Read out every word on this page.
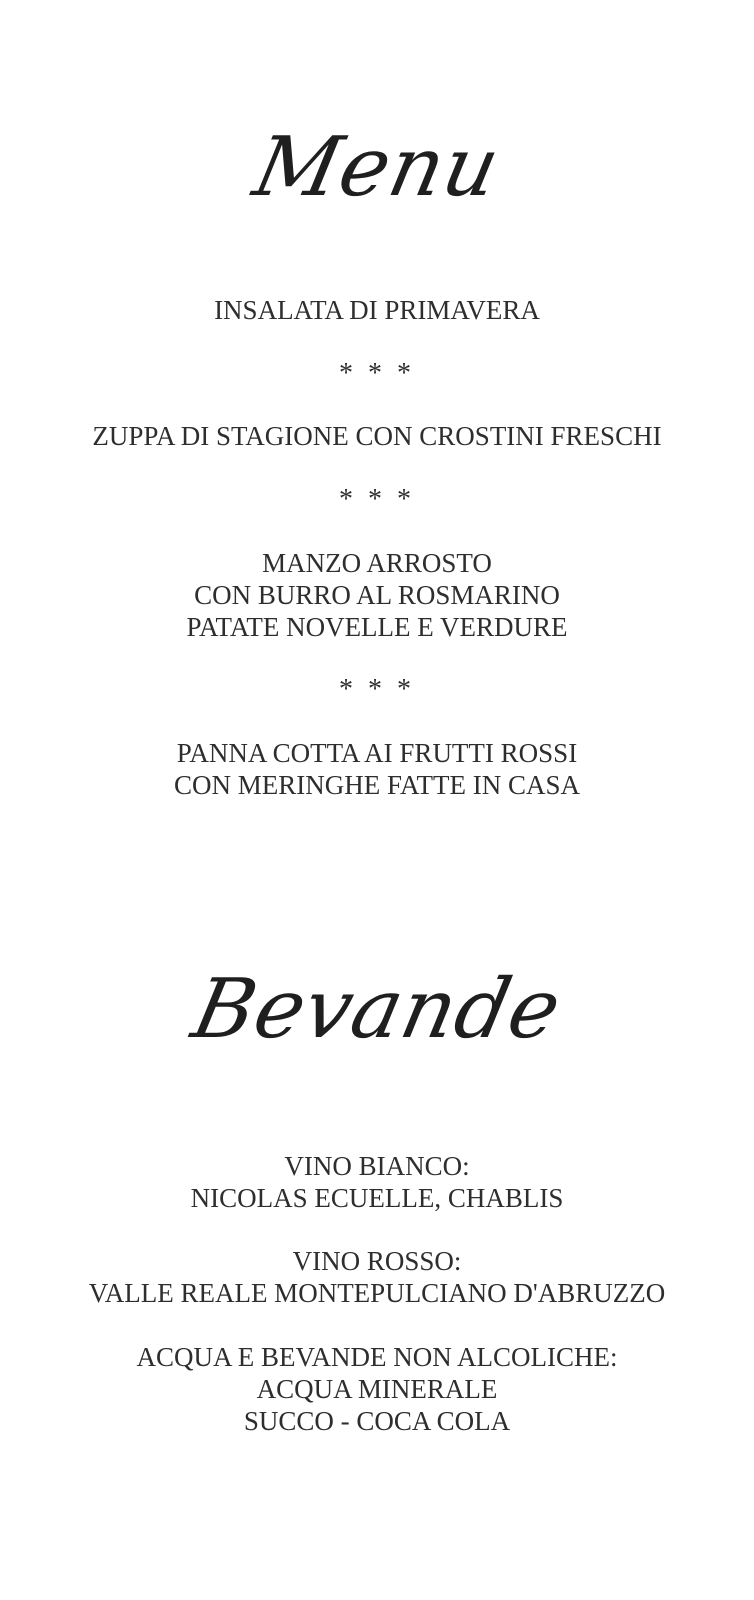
Menu
INSALATA DI PRIMAVERA
* * *
ZUPPA DI STAGIONE CON CROSTINI FRESCHI
* * *
MANZO ARROSTO
CON BURRO AL ROSMARINO
PATATE NOVELLE E VERDURE
* * *
PANNA COTTA AI FRUTTI ROSSI
CON MERINGHE FATTE IN CASA
Bevande
VINO BIANCO:
NICOLAS ECUELLE, CHABLIS
VINO ROSSO:
VALLE REALE MONTEPULCIANO D'ABRUZZO
ACQUA E BEVANDE NON ALCOLICHE:
ACQUA MINERALE
SUCCO - COCA COLA
